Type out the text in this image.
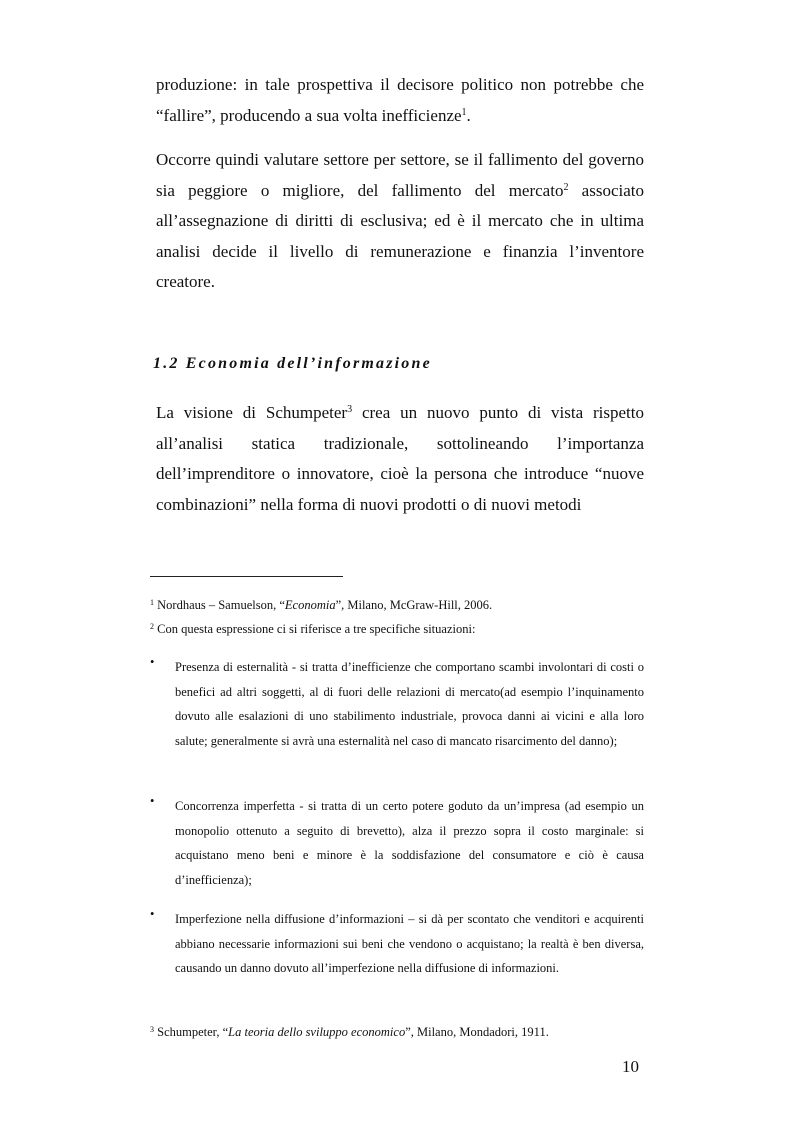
produzione: in tale prospettiva il decisore politico non potrebbe che “fallire”, producendo a sua volta inefficienze$^1$.

Occorre quindi valutare settore per settore, se il fallimento del governo sia peggiore o migliore, del fallimento del mercato$^2$ associato all’assegnazione di diritti di esclusiva; ed è il mercato che in ultima analisi decide il livello di remunerazione e finanzia l’inventore creatore.

1.2 Economia dell’informazione

La visione di Schumpeter$^3$ crea un nuovo punto di vista rispetto all’analisi statica tradizionale, sottolineando l’importanza dell’imprenditore o innovatore, cioè la persona che introduce “nuove combinazioni” nella forma di nuovi prodotti o di nuovi metodi

$^1$ Nordhaus – Samuelson, “Economia”, Milano, McGraw-Hill, 2006.

$^2$ Con questa espressione ci si riferisce a tre specifiche situazioni:

• Presenza di esternalità - si tratta d’inefficienze che comportano scambi involontari di costi o benefici ad altri soggetti, al di fuori delle relazioni di mercato(ad esempio l’inquinamento dovuto alle esalazioni di uno stabilimento industriale, provoca danni ai vicini e alla loro salute; generalmente si avrà una esternalità nel caso di mancato risarcimento del danno);
• Concorrenza imperfetta - si tratta di un certo potere goduto da un’impresa (ad esempio un monopolio ottenuto a seguito di brevetto), alza il prezzo sopra il costo marginale: si acquistano meno beni e minore è la soddisfazione del consumatore e ciò è causa d’inefficienza);
• Imperfezione nella diffusione d’informazioni – si dà per scontato che venditori e acquirenti abbiano necessarie informazioni sui beni che vendono o acquistano; la realtà è ben diversa, causando un danno dovuto all’imperfezione nella diffusione di informazioni.

$^3$ Schumpeter, “La teoria dello sviluppo economico”, Milano, Mondadori, 1911.

10
